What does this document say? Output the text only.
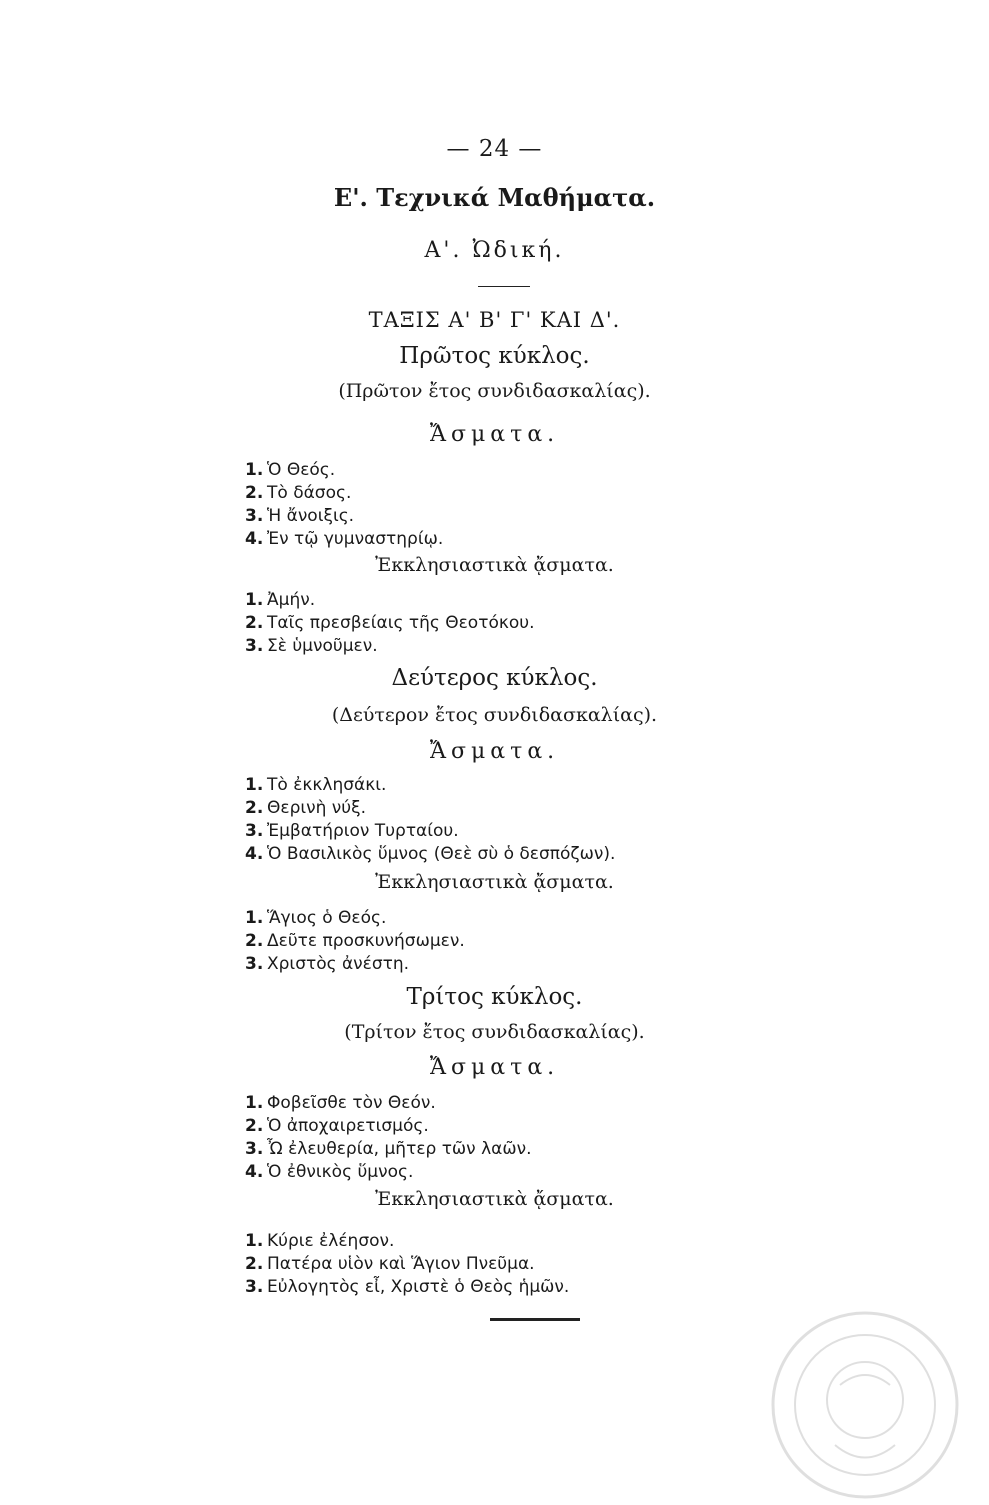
— 24 —
Ε'. Τεχνικά Μαθήματα.
Α'. Ὠδική.
ΤΑΞΙΣ Α' Β' Γ' ΚΑΙ Δ'.
Πρῶτος κύκλος.
(Πρῶτον ἔτος συνδιδασκαλίας).
Ἄσματα.
1. Ὁ Θεός.
2. Τὸ δάσος.
3. Ἡ ἄνοιξις.
4. Ἐν τῷ γυμναστηρίῳ.
Ἐκκλησιαστικὰ ᾄσματα.
1. Ἀμήν.
2. Ταῖς πρεσβείαις τῆς Θεοτόκου.
3. Σὲ ὑμνοῦμεν.
Δεύτερος κύκλος.
(Δεύτερον ἔτος συνδιδασκαλίας).
Ἄσματα.
1. Τὸ ἐκκλησάκι.
2. Θερινὴ νύξ.
3. Ἐμβατήριον Τυρταίου.
4. Ὁ Βασιλικὸς ὕμνος (Θεὲ σὺ ὁ δεσπόζων).
Ἐκκλησιαστικὰ ᾄσματα.
1. Ἅγιος ὁ Θεός.
2. Δεῦτε προσκυνήσωμεν.
3. Χριστὸς ἀνέστη.
Τρίτος κύκλος.
(Τρίτον ἔτος συνδιδασκαλίας).
Ἄσματα.
1. Φοβεῖσθε τὸν Θεόν.
2. Ὁ ἀποχαιρετισμός.
3. Ὦ ἐλευθερία, μῆτερ τῶν λαῶν.
4. Ὁ ἐθνικὸς ὕμνος.
Ἐκκλησιαστικὰ ᾄσματα.
1. Κύριε ἐλέησον.
2. Πατέρα υἱὸν καὶ Ἅγιον Πνεῦμα.
3. Εὐλογητὸς εἶ, Χριστὲ ὁ Θεὸς ἡμῶν.
